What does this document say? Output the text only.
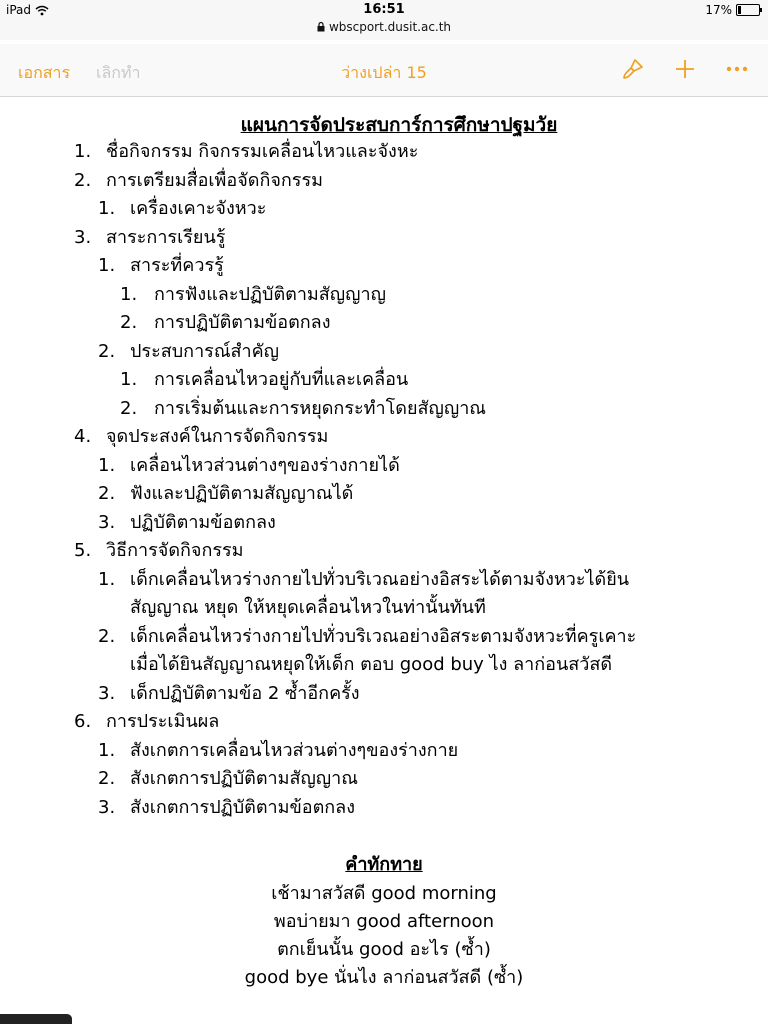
iPad	16:51
wbscport.dusit.ac.th
17%
เอกสาร เลิกทำ	ว่างเปล่า 15
แผนการจัดประสบการ์การศึกษาปฐมวัย
1. ชื่อกิจกรรม กิจกรรมเคลื่อนไหวและจังหะ
2. การเตรียมสื่อเพื่อจัดกิจกรรม
1. เครื่องเคาะจังหวะ
3. สาระการเรียนรู้
1. สาระที่ควรรู้
1. การฟังและปฏิบัติตามสัญญาญ
2. การปฏิบัติตามข้อตกลง
2. ประสบการณ์สำคัญ
1. การเคลื่อนไหวอยู่กับที่และเคลื่อน
2. การเริ่มต้นและการหยุดกระทำโดยสัญญาณ
4. จุดประสงค์ในการจัดกิจกรรม
1. เคลื่อนไหวส่วนต่างๆของร่างกายได้
2. ฟังและปฏิบัติตามสัญญาณได้
3. ปฏิบัติตามข้อตกลง
5. วิธีการจัดกิจกรรม
1. เด็กเคลื่อนไหวร่างกายไปทั่วบริเวณอย่างอิสระได้ตามจังหวะได้ยิน
สัญญาณ หยุด ให้หยุดเคลื่อนไหวในท่านั้นทันที
2. เด็กเคลื่อนไหวร่างกายไปทั่วบริเวณอย่างอิสระตามจังหวะที่ครูเคาะ
เมื่อได้ยินสัญญาณหยุดให้เด็ก ตอบ good buy ไง ลาก่อนสวัสดี
3. เด็กปฏิบัติตามข้อ 2 ซ้ำอีกครั้ง
6. การประเมินผล
1. สังเกตการเคลื่อนไหวส่วนต่างๆของร่างกาย
2. สังเกตการปฏิบัติตามสัญญาณ
3. สังเกตการปฏิบัติตามข้อตกลง
คำทักทาย
เช้ามาสวัสดี good morning
พอบ่ายมา good afternoon
ตกเย็นนั้น good อะไร (ซ้ำ)
good bye นั่นไง ลาก่อนสวัสดี (ซ้ำ)
